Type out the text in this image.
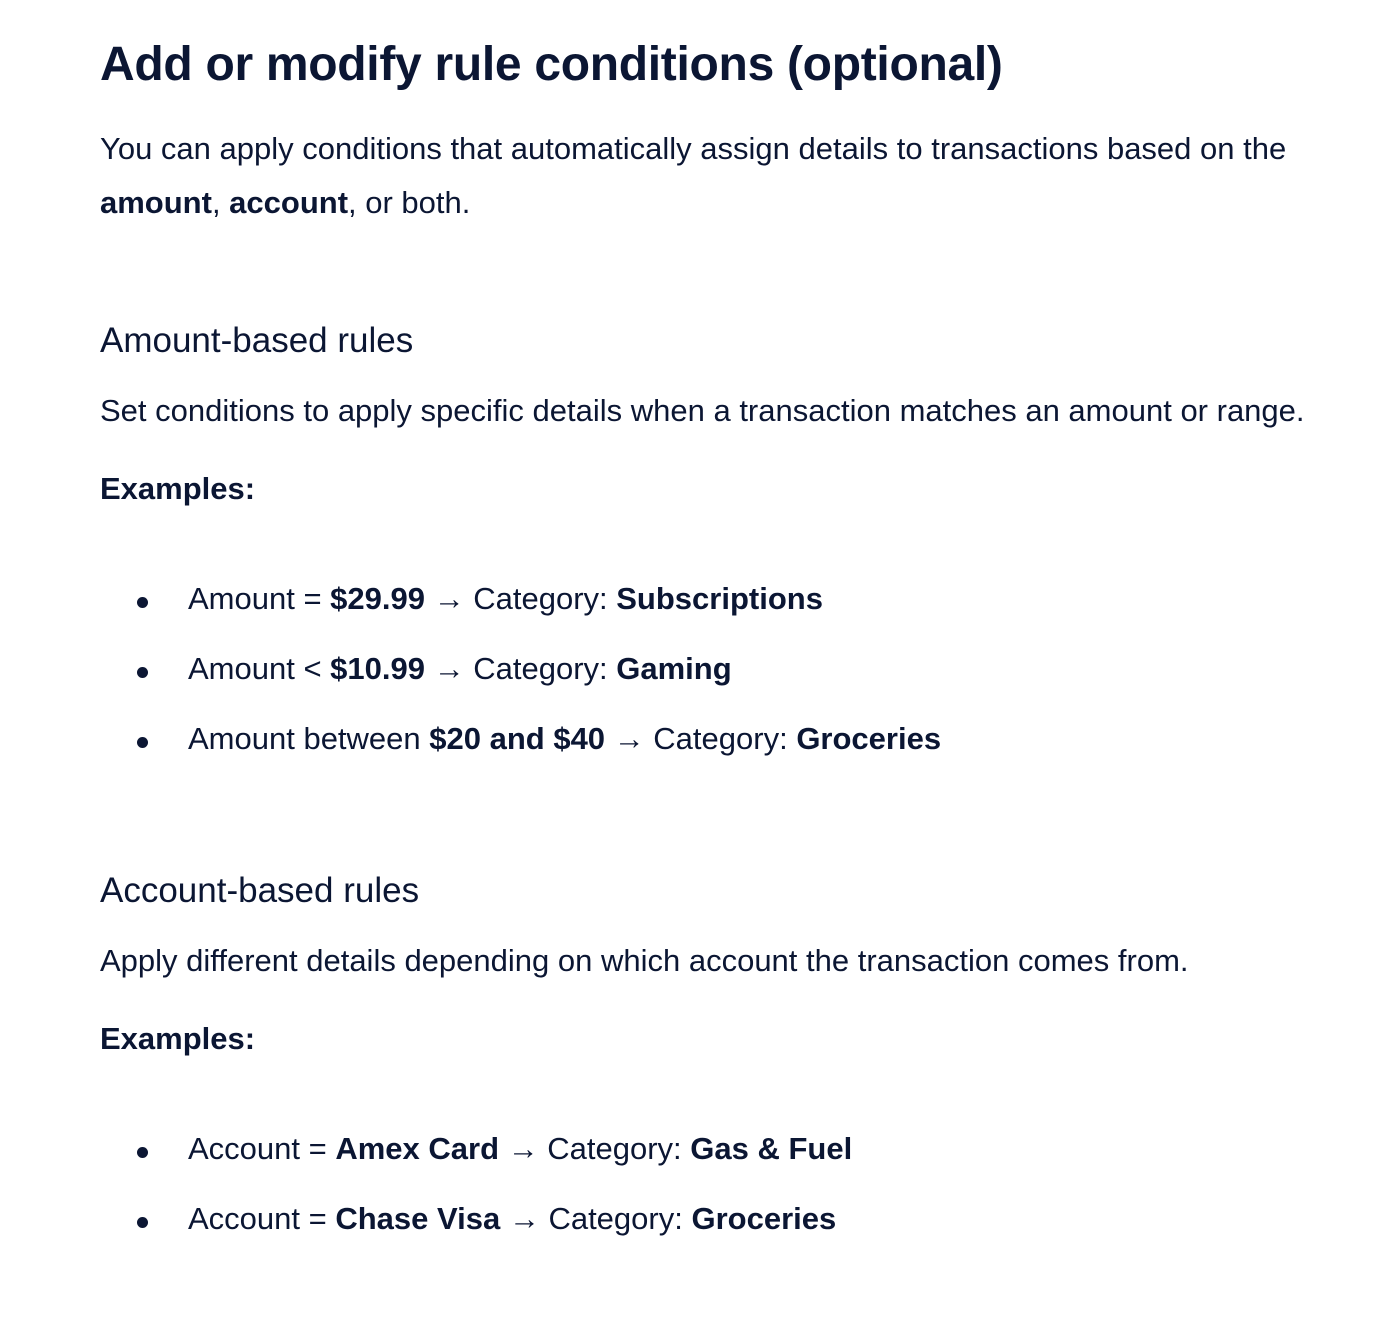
Add or modify rule conditions (optional)

You can apply conditions that automatically assign details to transactions based on the amount, account, or both.

Amount-based rules

Set conditions to apply specific details when a transaction matches an amount or range.

Examples:

Amount = $29.99 → Category: Subscriptions
Amount < $10.99 → Category: Gaming
Amount between $20 and $40 → Category: Groceries
Account-based rules

Apply different details depending on which account the transaction comes from.

Examples:

Account = Amex Card → Category: Gas & Fuel
Account = Chase Visa → Category: Groceries
